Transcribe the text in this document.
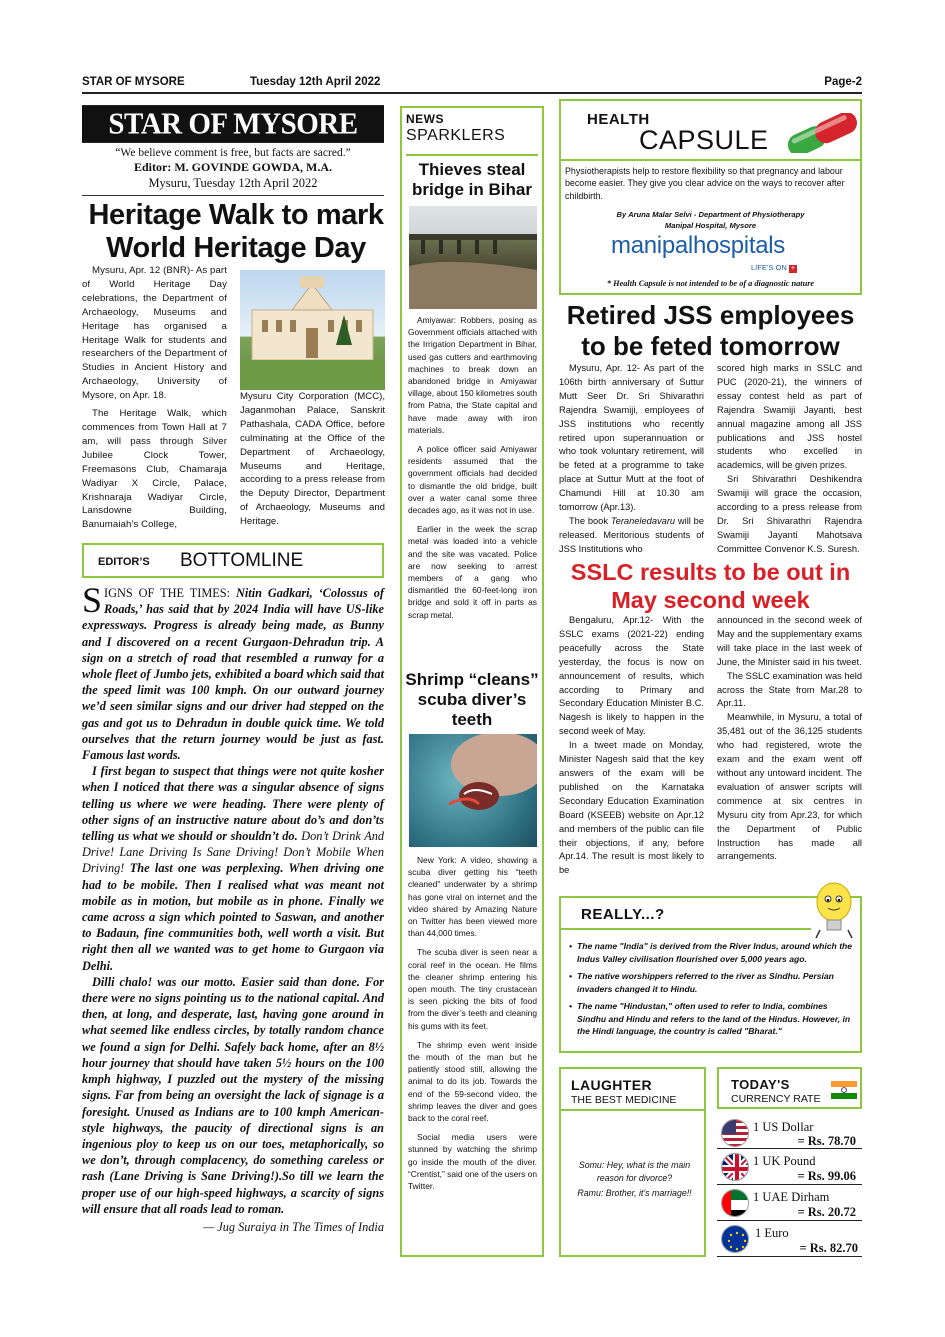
STAR OF MYSORE	Tuesday 12th April 2022	Page-2
STAR OF MYSORE
“We believe comment is free, but facts are sacred.”
Editor: M. GOVINDE GOWDA, M.A.
Mysuru, Tuesday 12th April 2022
Heritage Walk to mark World Heritage Day

Mysuru, Apr. 12 (BNR)- As part of World Heritage Day celebrations, the Department of Archaeology, Museums and Heritage has organised a Heritage Walk for students and researchers of the Department of Studies in Ancient History and Archaeology, University of Mysore, on Apr. 18.

The Heritage Walk, which commences from Town Hall at 7 am, will pass through Silver Jubilee Clock Tower, Freemasons Club, Chamaraja Wadiyar X Circle, Palace, Krishnaraja Wadiyar Circle, Lansdowne Building, Banumaiah’s College,

Mysuru City Corporation (MCC), Jaganmohan Palace, Sanskrit Pathashala, CADA Office, before culminating at the Office of the Department of Archaeology, Museums and Heritage, according to a press release from the Deputy Director, Department of Archaeology, Museums and Heritage.
EDITOR’S BOTTOMLINE

SIGNS OF THE TIMES: Nitin Gadkari, ‘Colossus of Roads,’ has said that by 2024 India will have US-like expressways. Progress is already being made, as Bunny and I discovered on a recent Gurgaon-Dehradun trip. A sign on a stretch of road that resembled a runway for a whole fleet of Jumbo jets, exhibited a board which said that the speed limit was 100 kmph. On our outward journey we’d seen similar signs and our driver had stepped on the gas and got us to Dehradun in double quick time. We told ourselves that the return journey would be just as fast. Famous last words.

I first began to suspect that things were not quite kosher when I noticed that there was a singular absence of signs telling us where we were heading. There were plenty of other signs of an instructive nature about do’s and don’ts telling us what we should or shouldn’t do. Don’t Drink And Drive! Lane Driving Is Sane Driving! Don’t Mobile When Driving! The last one was perplexing. When driving one had to be mobile. Then I realised what was meant not mobile as in motion, but mobile as in phone. Finally we came across a sign which pointed to Saswan, and another to Badaun, fine communities both, well worth a visit. But right then all we wanted was to get home to Gurgaon via Delhi.

Dilli chalo! was our motto. Easier said than done. For there were no signs pointing us to the national capital. And then, at long, and desperate, last, having gone around in what seemed like endless circles, by totally random chance we found a sign for Delhi. Safely back home, after an 8½ hour journey that should have taken 5½ hours on the 100 kmph highway, I puzzled out the mystery of the missing signs. Far from being an oversight the lack of signage is a foresight. Unused as Indians are to 100 kmph American-style highways, the paucity of directional signs is an ingenious ploy to keep us on our toes, metaphorically, so we don’t, through complacency, do something careless or rash (Lane Driving is Sane Driving!).So till we learn the proper use of our high-speed highways, a scarcity of signs will ensure that all roads lead to roman.

— Jug Suraiya in The Times of India

NEWS
SPARKLERS
Thieves steal bridge in Bihar

Amiyawar: Robbers, posing as Government officials attached with the Irrigation Department in Bihar, used gas cutters and earthmoving machines to break down an abandoned bridge in Amiyawar village, about 150 kilometres south from Patna, the State capital and have made away with iron materials.

A police officer said Amiyawar residents assumed that the government officials had decided to dismantle the old bridge, built over a water canal some three decades ago, as it was not in use.

Earlier in the week the scrap metal was loaded into a vehicle and the site was vacated. Police are now seeking to arrest members of a gang who dismantled the 60-feet-long iron bridge and sold it off in parts as scrap metal.

Shrimp “cleans” scuba diver’s teeth

New York: A video, showing a scuba diver getting his “teeth cleaned” underwater by a shrimp has gone viral on internet and the video shared by Amazing Nature on Twitter has been viewed more than 44,000 times.

The scuba diver is seen near a coral reef in the ocean. He films the cleaner shrimp entering his open mouth. The tiny crustacean is seen picking the bits of food from the diver’s teeth and cleaning his gums with its feet.

The shrimp even went inside the mouth of the man but he patiently stood still, allowing the animal to do its job. Towards the end of the 59-second video, the shrimp leaves the diver and goes back to the coral reef.

Social media users were stunned by watching the shrimp go inside the mouth of the diver. “Crentist,” said one of the users on Twitter.

HEALTH
CAPSULE
Physiotherapists help to restore flexibility so that pregnancy and labour become easier. They give you clear advice on the ways to recover after childbirth.
By Aruna Malar Selvi - Department of Physiotherapy
Manipal Hospital, Mysore
manipalhospitals
LIFE’S ON +
* Health Capsule is not intended to be of a diagnostic nature
Retired JSS employees to be feted tomorrow

Mysuru, Apr. 12- As part of the 106th birth anniversary of Suttur Mutt Seer Dr. Sri Shivarathri Rajendra Swamiji, employees of JSS institutions who recently retired upon superannuation or who took voluntary retirement, will be feted at a programme to take place at Suttur Mutt at the foot of Chamundi Hill at 10.30 am tomorrow (Apr.13).

The book Teraneledavaru will be released. Meritorious students of JSS Institutions who

scored high marks in SSLC and PUC (2020-21), the winners of essay contest held as part of Rajendra Swamiji Jayanti, best annual magazine among all JSS publications and JSS hostel students who excelled in academics, will be given prizes.

Sri Shivarathri Deshikendra Swamiji will grace the occasion, according to a press release from Dr. Sri Shivarathri Rajendra Swamiji Jayanti Mahotsava Committee Convenor K.S. Suresh.

SSLC results to be out in May second week

Bengaluru, Apr.12- With the SSLC exams (2021-22) ending peacefully across the State yesterday, the focus is now on announcement of results, which according to Primary and Secondary Education Minister B.C. Nagesh is likely to happen in the second week of May.

In a tweet made on Monday, Minister Nagesh said that the key answers of the exam will be published on the Karnataka Secondary Education Examination Board (KSEEB) website on Apr.12 and members of the public can file their objections, if any, before Apr.14. The result is most likely to be

announced in the second week of May and the supplementary exams will take place in the last week of June, the Minister said in his tweet.

The SSLC examination was held across the State from Mar.28 to Apr.11.

Meanwhile, in Mysuru, a total of 35,481 out of the 36,125 students who had registered, wrote the exam and the exam went off without any untoward incident. The evaluation of answer scripts will commence at six centres in Mysuru city from Apr.23, for which the Department of Public Instruction has made all arrangements.

REALLY...?
• The name "India" is derived from the River Indus, around which the Indus Valley civilisation flourished over 5,000 years ago.
• The native worshippers referred to the river as Sindhu. Persian invaders changed it to Hindu.
• The name "Hindustan," often used to refer to India, combines Sindhu and Hindu and refers to the land of the Hindus. However, in the Hindi language, the country is called "Bharat."
LAUGHTER
THE BEST MEDICINE
Somu: Hey, what is the main reason for divorce?
Ramu: Brother, it’s marriage!!
TODAY'S
CURRENCY RATE
1 US Dollar
= Rs. 78.70
1 UK Pound
= Rs. 99.06
1 UAE Dirham
= Rs. 20.72
1 Euro
= Rs. 82.70
